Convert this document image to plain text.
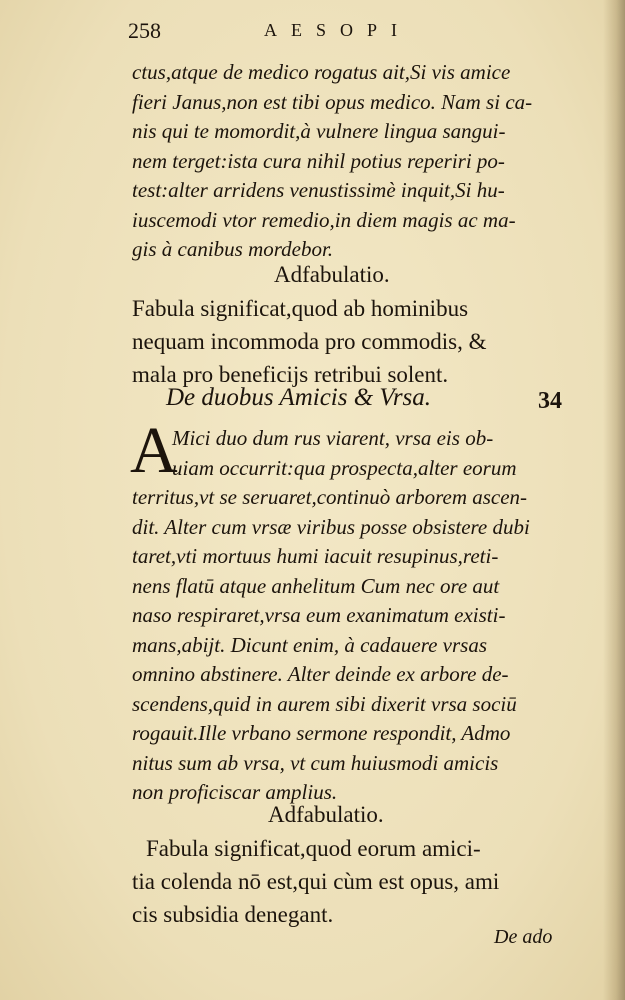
258	AESOPI
ctus,atque de medico rogatus ait,Si vis amice
fieri Janus,non est tibi opus medico. Nam si ca-
nis qui te momordit,à vulnere lingua sangui-
nem terget:ista cura nihil potius reperiri po-
test:alter arridens venustissimè inquit,Si hu-
iuscemodi vtor remedio,in diem magis ac ma-
gis à canibus mordebor.
Adfabulatio.
Fabula significat,quod ab hominibus
nequam incommoda pro commodis, &
mala pro beneficijs retribui solent.
De duobus Amicis & Vrsa.	34
A
Mici duo dum rus viarent, vrsa eis ob-
uiam occurrit:qua prospecta,alter eorum
territus,vt se seruaret,continuò arborem ascen-
dit. Alter cum vrsæ viribus posse obsistere dubi
taret,vti mortuus humi iacuit resupinus,reti-
nens flatū atque anhelitum Cum nec ore aut
naso respiraret,vrsa eum exanimatum existi-
mans,abijt. Dicunt enim, à cadauere vrsas
omnino abstinere. Alter deinde ex arbore de-
scendens,quid in aurem sibi dixerit vrsa sociū
rogauit.Ille vrbano sermone respondit, Admo
nitus sum ab vrsa, vt cum huiusmodi amicis
non proficiscar amplius.
Adfabulatio.
Fabula significat,quod eorum amici-
tia colenda nō est,qui cùm est opus, ami
cis subsidia denegant.
De ado
